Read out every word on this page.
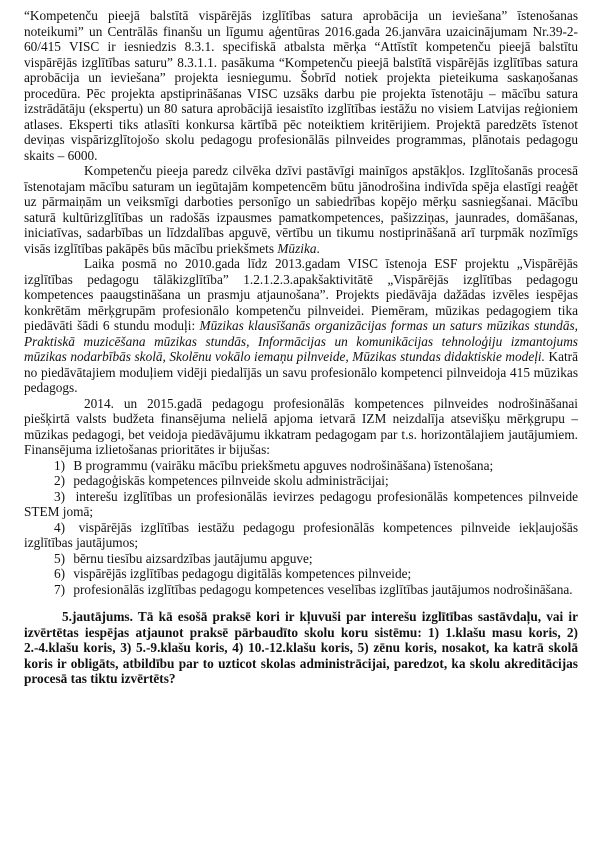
“Kompetenču pieejā balstītā vispārējās izglītības satura aprobācija un ieviešana” īstenošanas noteikumi” un Centrālās finanšu un līgumu aģentūras 2016.gada 26.janvāra uzaicinājumam Nr.39-2-60/415 VISC ir iesniedzis 8.3.1. specifiskā atbalsta mērķa “Attīstīt kompetenču pieejā balstītu vispārējās izglītības saturu” 8.3.1.1. pasākuma “Kompetenču pieejā balstītā vispārējās izglītības satura aprobācija un ieviešana” projekta iesniegumu. Šobrīd notiek projekta pieteikuma saskaņošanas procedūra. Pēc projekta apstiprināšanas VISC uzsāks darbu pie projekta īstenotāju – mācību satura izstrādātāju (ekspertu) un 80 satura aprobācijā iesaistīto izglītības iestāžu no visiem Latvijas reģioniem atlases. Eksperti tiks atlasīti konkursa kārtībā pēc noteiktiem kritērijiem. Projektā paredzēts īstenot deviņas vispārizglītojošo skolu pedagogu profesionālās pilnveides programmas, plānotais pedagogu skaits – 6000.

Kompetenču pieeja paredz cilvēka dzīvi pastāvīgi mainīgos apstākļos. Izglītošanās procesā īstenotajam mācību saturam un iegūtajām kompetencēm būtu jānodrošina indivīda spēja elastīgi reaģēt uz pārmaiņām un veiksmīgi darboties personīgo un sabiedrības kopējo mērķu sasniegšanai. Mācību saturā kultūrizglītības un radošās izpausmes pamatkompetences, pašizziņas, jaunrades, domāšanas, iniciatīvas, sadarbības un līdzdalības apguvē, vērtību un tikumu nostiprināšanā arī turpmāk nozīmīgs visās izglītības pakāpēs būs mācību priekšmets Mūzika.

Laika posmā no 2010.gada līdz 2013.gadam VISC īstenoja ESF projektu „Vispārējās izglītības pedagogu tālākizglītība” 1.2.1.2.3.apakšaktivitātē „Vispārējās izglītības pedagogu kompetences paaugstināšana un prasmju atjaunošana”. Projekts piedāvāja dažādas izvēles iespējas konkrētām mērķgrupām profesionālo kompetenču pilnveidei. Piemēram, mūzikas pedagogiem tika piedāvāti šādi 6 stundu moduļi: Mūzikas klausīšanās organizācijas formas un saturs mūzikas stundās, Praktiskā muzicēšana mūzikas stundās, Informācijas un komunikācijas tehnoloģiju izmantojums mūzikas nodarbībās skolā, Skolēnu vokālo iemaņu pilnveide, Mūzikas stundas didaktiskie modeļi. Katrā no piedāvātajiem moduļiem vidēji piedalījās un savu profesionālo kompetenci pilnveidoja 415 mūzikas pedagogs.

2014. un 2015.gadā pedagogu profesionālās kompetences pilnveides nodrošināšanai piešķirtā valsts budžeta finansējuma nelielā apjoma ietvarā IZM neizdalīja atsevišķu mērķgrupu – mūzikas pedagogi, bet veidoja piedāvājumu ikkatram pedagogam par t.s. horizontālajiem jautājumiem. Finansējuma izlietošanas prioritātes ir bijušas:

1) B programmu (vairāku mācību priekšmetu apguves nodrošināšana) īstenošana;
2) pedagoģiskās kompetences pilnveide skolu administrācijai;
3) interešu izglītības un profesionālās ievirzes pedagogu profesionālās kompetences pilnveide STEM jomā;
4) vispārējās izglītības iestāžu pedagogu profesionālās kompetences pilnveide iekļaujošās izglītības jautājumos;
5) bērnu tiesību aizsardzības jautājumu apguve;
6) vispārējās izglītības pedagogu digitālās kompetences pilnveide;
7) profesionālās izglītības pedagogu kompetences veselības izglītības jautājumos nodrošināšana.

5.jautājums. Tā kā esošā praksē kori ir kļuvuši par interešu izglītības sastāvdaļu, vai ir izvērtētas iespējas atjaunot praksē pārbaudīto skolu koru sistēmu: 1) 1.klašu masu koris, 2) 2.-4.klašu koris, 3) 5.-9.klašu koris, 4) 10.-12.klašu koris, 5) zēnu koris, nosakot, ka katrā skolā koris ir obligāts, atbildību par to uzticot skolas administrācijai, paredzot, ka skolu akreditācijas procesā tas tiktu izvērtēts?
